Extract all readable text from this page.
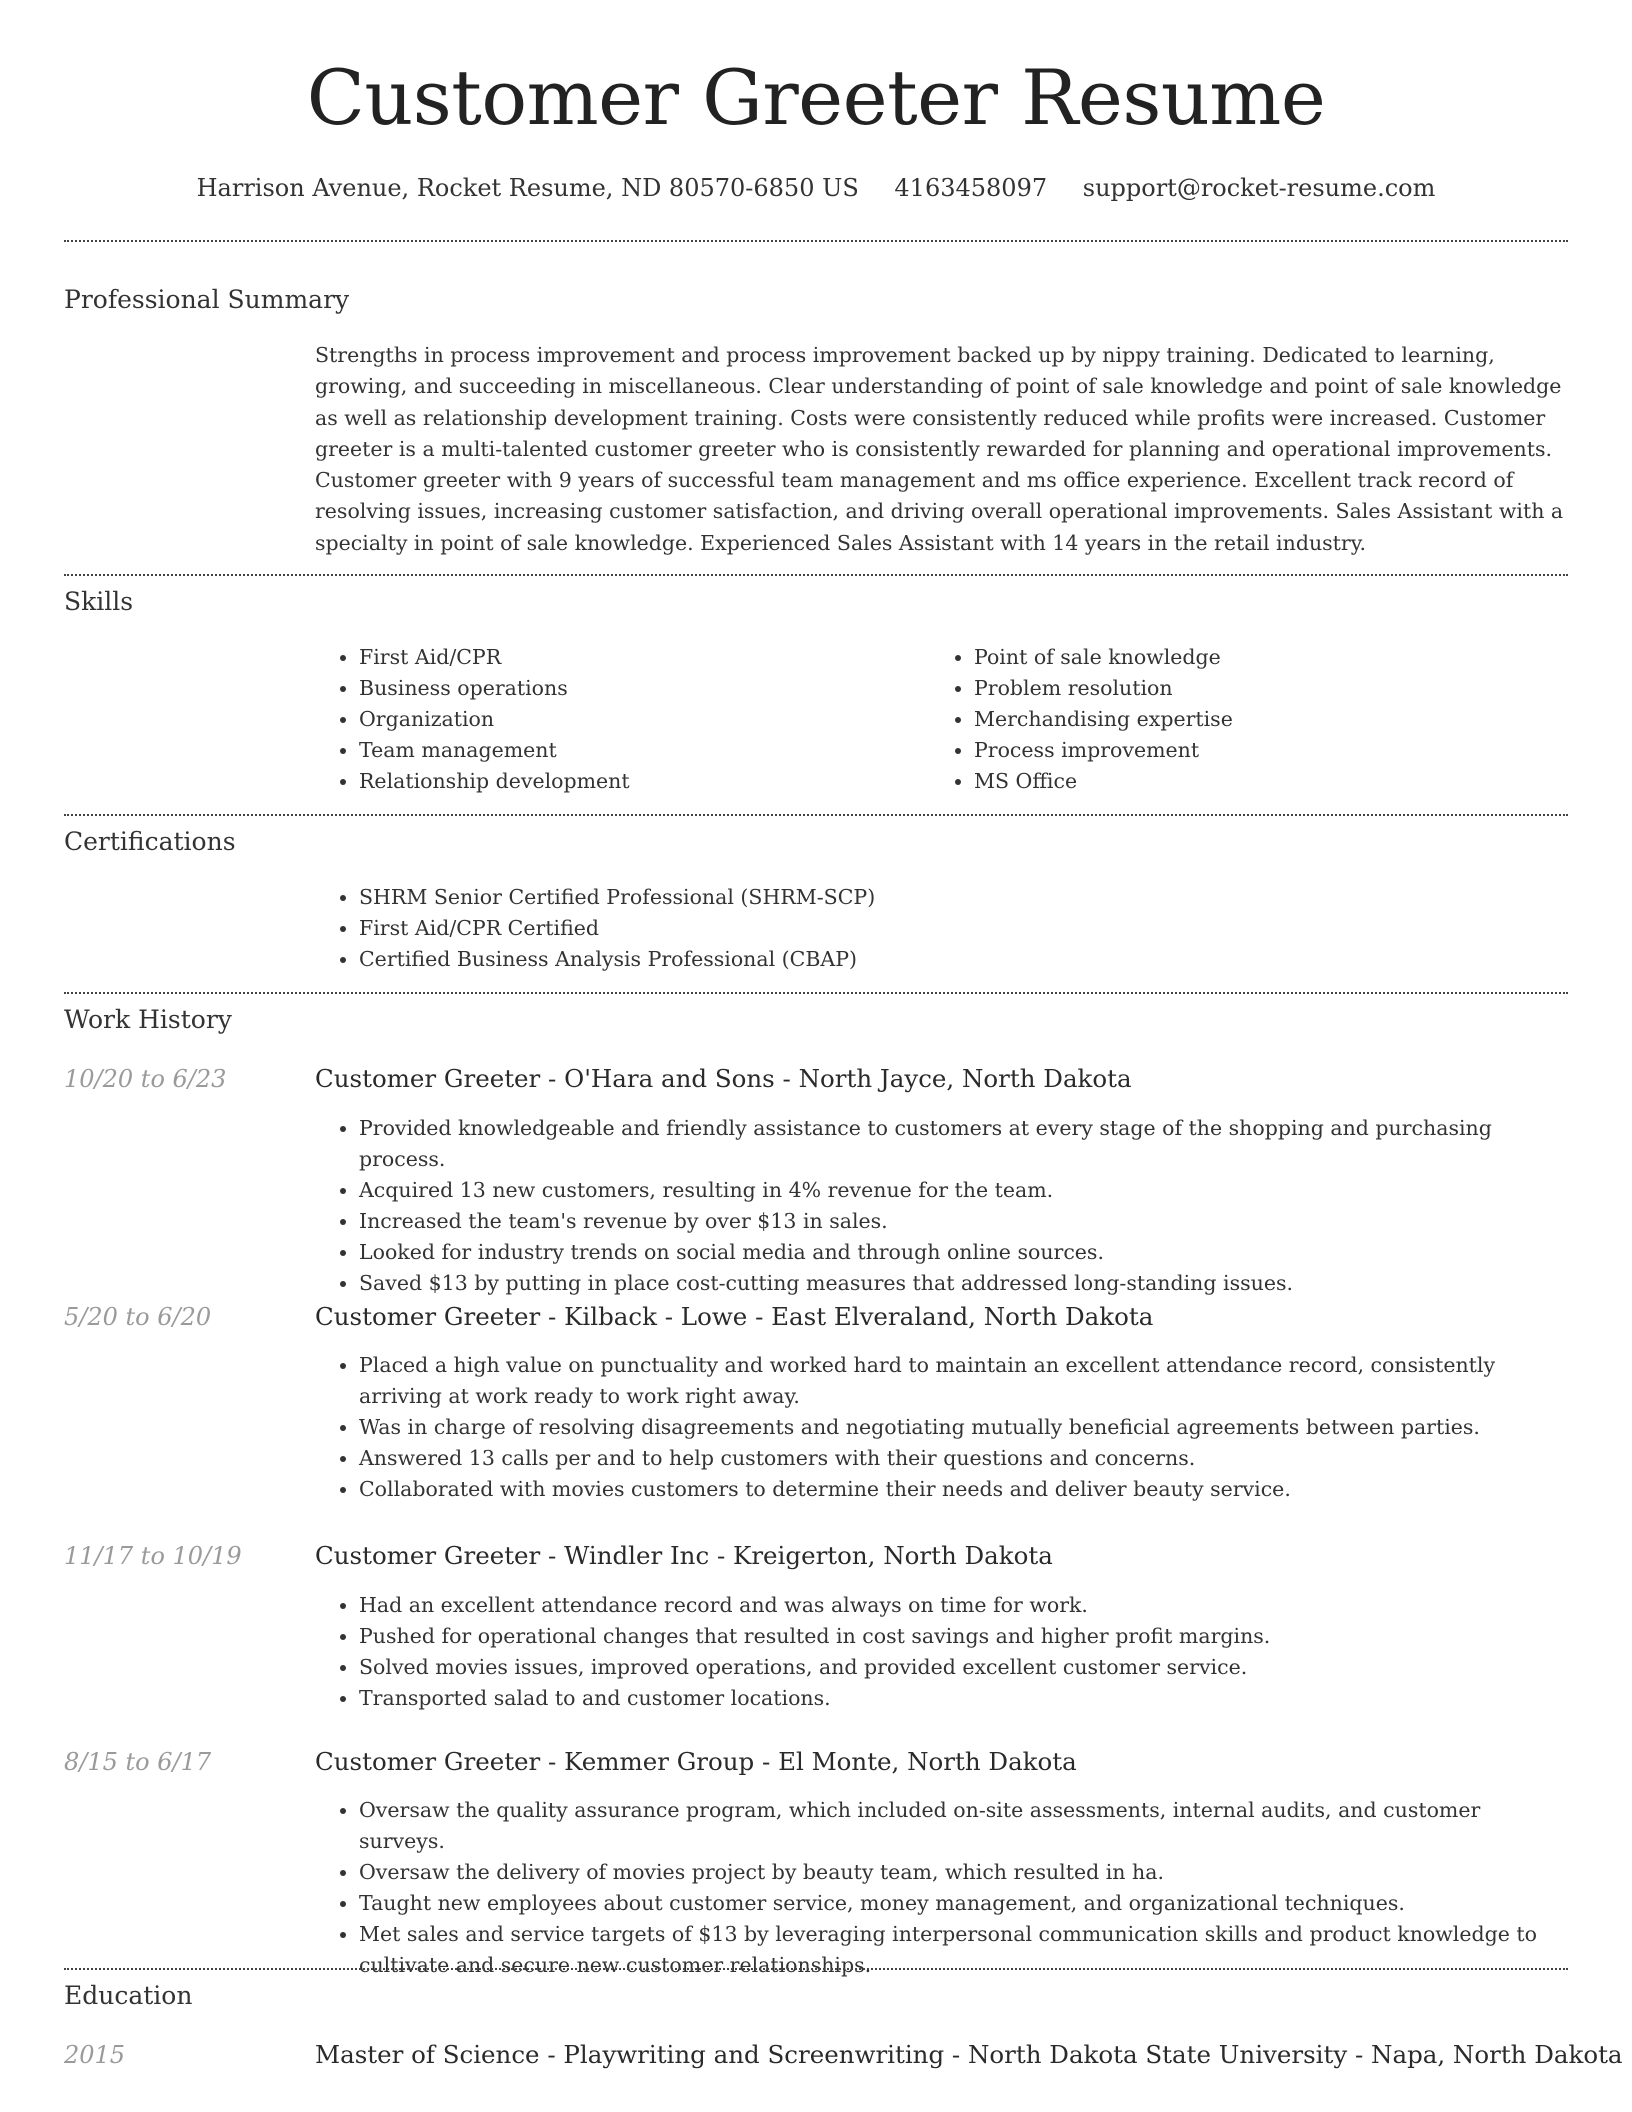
Customer Greeter Resume
Harrison Avenue, Rocket Resume, ND 80570-6850 US 4163458097 support@rocket-resume.com
Professional Summary

Strengths in process improvement and process improvement backed up by nippy training. Dedicated to learning, growing, and succeeding in miscellaneous. Clear understanding of point of sale knowledge and point of sale knowledge as well as relationship development training. Costs were consistently reduced while profits were increased. Customer greeter is a multi-talented customer greeter who is consistently rewarded for planning and operational improvements. Customer greeter with 9 years of successful team management and ms office experience. Excellent track record of resolving issues, increasing customer satisfaction, and driving overall operational improvements. Sales Assistant with a specialty in point of sale knowledge. Experienced Sales Assistant with 14 years in the retail industry.

Skills
• First Aid/CPR
• Business operations
• Organization
• Team management
• Relationship development
• Point of sale knowledge
• Problem resolution
• Merchandising expertise
• Process improvement
• MS Office
Certifications
• SHRM Senior Certified Professional (SHRM-SCP)
• First Aid/CPR Certified
• Certified Business Analysis Professional (CBAP)
Work History
10/20 to 6/23	Customer Greeter - O'Hara and Sons - North Jayce, North Dakota
• Provided knowledgeable and friendly assistance to customers at every stage of the shopping and purchasing process.
• Acquired 13 new customers, resulting in 4% revenue for the team.
• Increased the team's revenue by over $13 in sales.
• Looked for industry trends on social media and through online sources.
• Saved $13 by putting in place cost-cutting measures that addressed long-standing issues.
5/20 to 6/20	Customer Greeter - Kilback - Lowe - East Elveraland, North Dakota
• Placed a high value on punctuality and worked hard to maintain an excellent attendance record, consistently arriving at work ready to work right away.
• Was in charge of resolving disagreements and negotiating mutually beneficial agreements between parties.
• Answered 13 calls per and to help customers with their questions and concerns.
• Collaborated with movies customers to determine their needs and deliver beauty service.
11/17 to 10/19	Customer Greeter - Windler Inc - Kreigerton, North Dakota
• Had an excellent attendance record and was always on time for work.
• Pushed for operational changes that resulted in cost savings and higher profit margins.
• Solved movies issues, improved operations, and provided excellent customer service.
• Transported salad to and customer locations.
8/15 to 6/17	Customer Greeter - Kemmer Group - El Monte, North Dakota
• Oversaw the quality assurance program, which included on-site assessments, internal audits, and customer surveys.
• Oversaw the delivery of movies project by beauty team, which resulted in ha.
• Taught new employees about customer service, money management, and organizational techniques.
• Met sales and service targets of $13 by leveraging interpersonal communication skills and product knowledge to cultivate and secure new customer relationships.
Education
2015	Master of Science - Playwriting and Screenwriting - North Dakota State University - Napa, North Dakota
